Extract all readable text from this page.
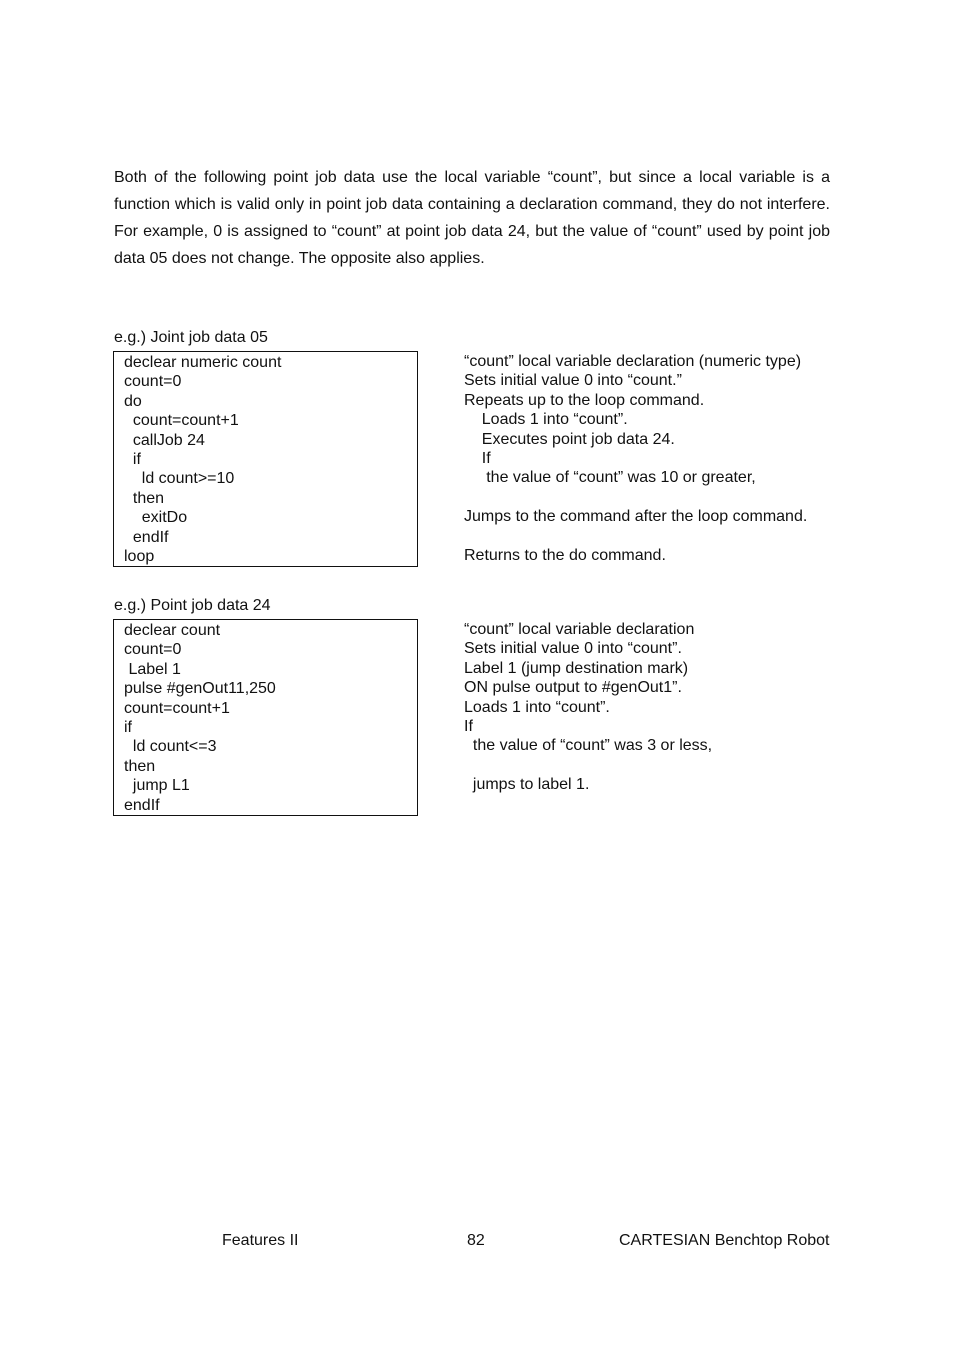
Both of the following point job data use the local variable “count”, but since a local variable is a function which is valid only in point job data containing a declaration command, they do not interfere. For example, 0 is assigned to “count” at point job data 24, but the value of “count” used by point job data 05 does not change. The opposite also applies.

e.g.) Joint job data 05

declear numeric count
count=0
do
count=count+1
callJob 24
if
ld count>=10
then
exitDo
endIf
loop
“count” local variable declaration (numeric type)
Sets initial value 0 into “count.”
Repeats up to the loop command.
Loads 1 into “count”.
Executes point job data 24.
If
the value of “count” was 10 or greater,
Jumps to the command after the loop command.
Returns to the do command.

e.g.) Point job data 24

declear count
count=0
Label 1
pulse #genOut11,250
count=count+1
if
ld count<=3
then
jump L1
endIf
“count” local variable declaration
Sets initial value 0 into “count”.
Label 1 (jump destination mark)
ON pulse output to #genOut1”.
Loads 1 into “count”.
If
the value of “count” was 3 or less,
jumps to label 1.
Features II	82	CARTESIAN Benchtop Robot
